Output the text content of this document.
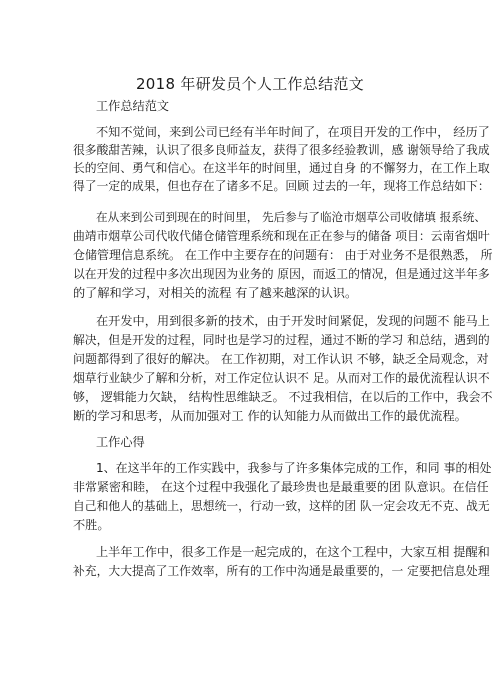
2018 年研发员个人工作总结范文

工作总结范文

不知不觉间，来到公司已经有半年时间了，在项目开发的工作中， 经历了

很多酸甜苦辣，认识了很多良师益友，获得了很多经验教训，感 谢领导给了我成

长的空间、勇气和信心。在这半年的时间里，通过自身 的不懈努力，在工作上取

得了一定的成果，但也存在了诸多不足。回顾 过去的一年，现将工作总结如下：

在从来到公司到现在的时间里， 先后参与了临沧市烟草公司收储填 报系统、

曲靖市烟草公司代收代储仓储管理系统和现在正在参与的储备 项目：云南省烟叶

仓储管理信息系统。 在工作中主要存在的问题有： 由于对业务不是很熟悉， 所

以在开发的过程中多次出现因为业务的 原因，而返工的情况，但是通过这半年多

的了解和学习，对相关的流程 有了越来越深的认识。

在开发中，用到很多新的技术，由于开发时间紧促，发现的问题不 能马上

解决，但是开发的过程，同时也是学习的过程，通过不断的学习 和总结，遇到的

问题都得到了很好的解决。 在工作初期，对工作认识 不够，缺乏全局观念，对

烟草行业缺少了解和分析，对工作定位认识不 足。从而对工作的最优流程认识不

够， 逻辑能力欠缺， 结构性思维缺乏。 不过我相信，在以后的工作中，我会不

断的学习和思考，从而加强对工 作的认知能力从而做出工作的最优流程。

工作心得

1、在这半年的工作实践中，我参与了许多集体完成的工作，和同 事的相处

非常紧密和睦， 在这个过程中我强化了最珍贵也是最重要的团 队意识。在信任

自己和他人的基础上，思想统一，行动一致，这样的团 队一定会攻无不克、战无

不胜。

上半年工作中，很多工作是一起完成的，在这个工程中，大家互相 提醒和

补充，大大提高了工作效率，所有的工作中沟通是最重要的，一 定要把信息处理
